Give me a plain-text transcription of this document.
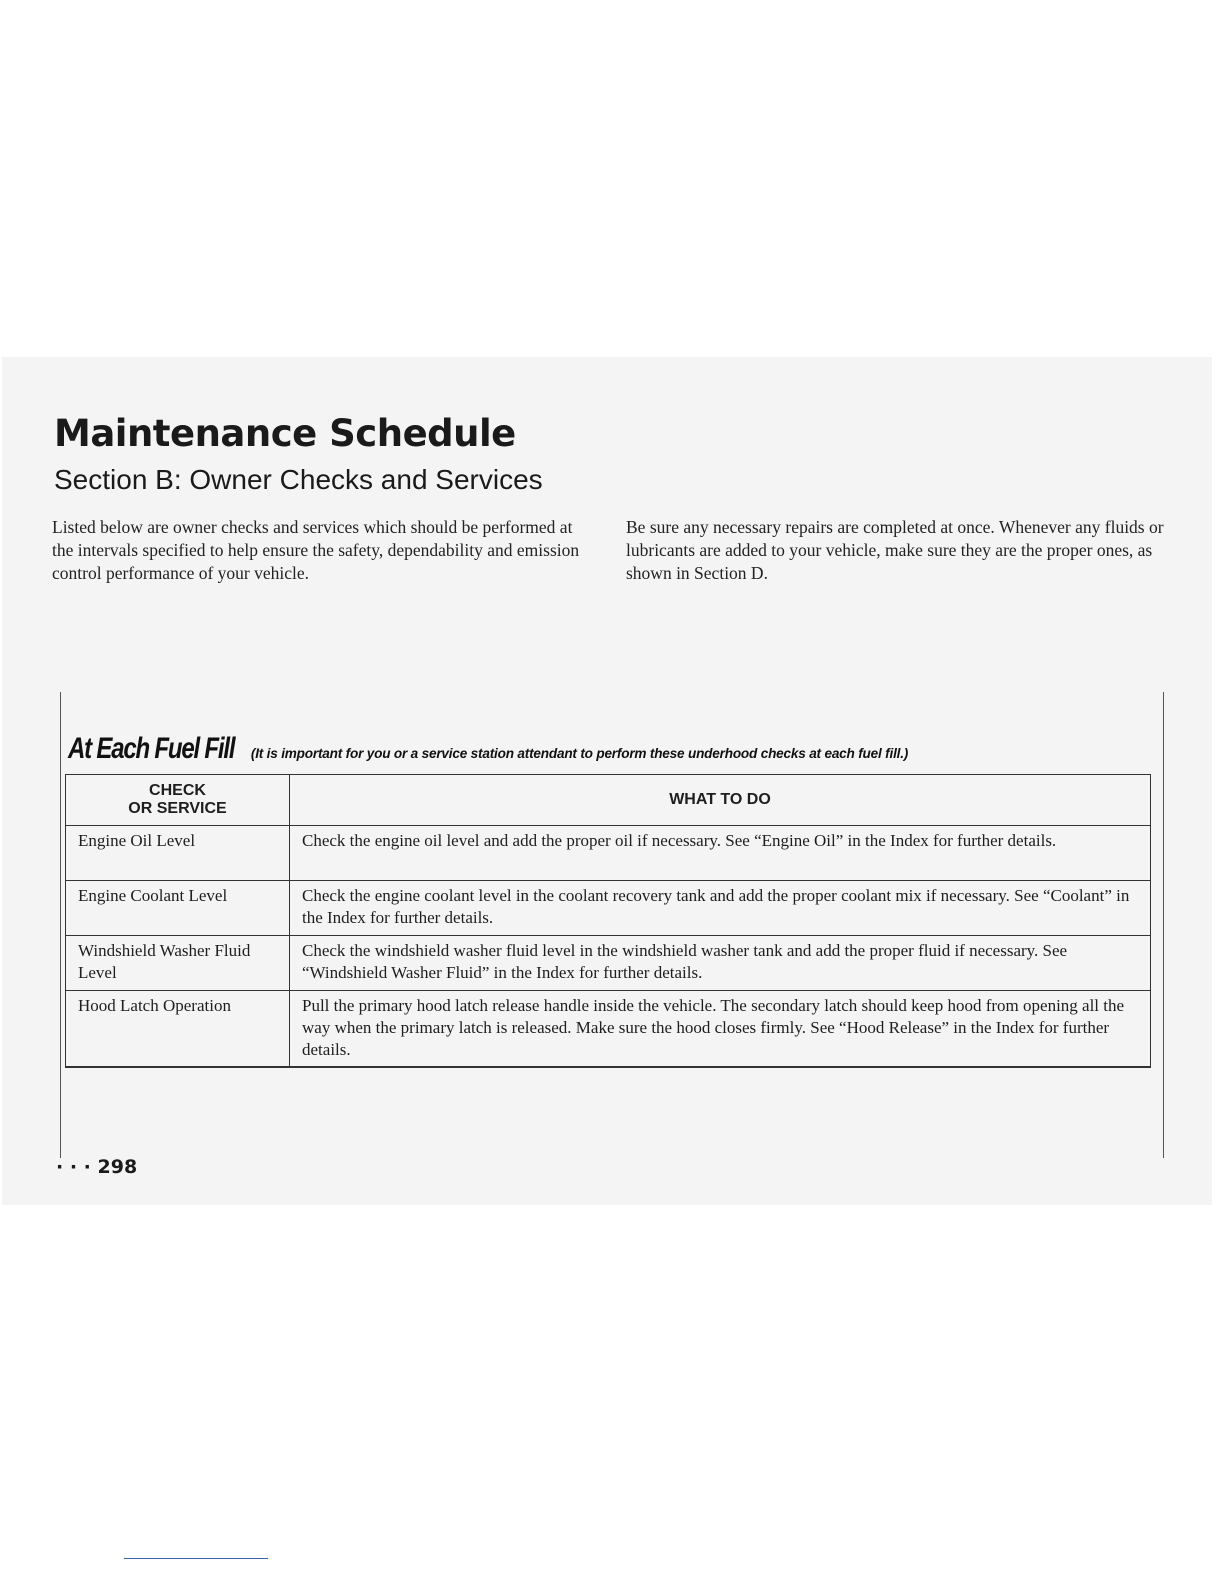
Maintenance Schedule
Section B: Owner Checks and Services

Listed below are owner checks and services which should be performed at the intervals specified to help ensure the safety, dependability and emission control performance of your vehicle.

Be sure any necessary repairs are completed at once. Whenever any fluids or lubricants are added to your vehicle, make sure they are the proper ones, as shown in Section D.

At Each Fuel Fill (It is important for you or a service station attendant to perform these underhood checks at each fuel fill.)
CHECK
OR SERVICE	WHAT TO DO
Engine Oil Level	Check the engine oil level and add the proper oil if necessary. See “Engine Oil” in the Index for further details.
Engine Coolant Level	Check the engine coolant level in the coolant recovery tank and add the proper coolant mix if necessary. See “Coolant” in the Index for further details.
Windshield Washer Fluid Level	Check the windshield washer fluid level in the windshield washer tank and add the proper fluid if necessary. See “Windshield Washer Fluid” in the Index for further details.
Hood Latch Operation	Pull the primary hood latch release handle inside the vehicle. The secondary latch should keep hood from opening all the way when the primary latch is released. Make sure the hood closes firmly. See “Hood Release” in the Index for further details.
· · · 298
